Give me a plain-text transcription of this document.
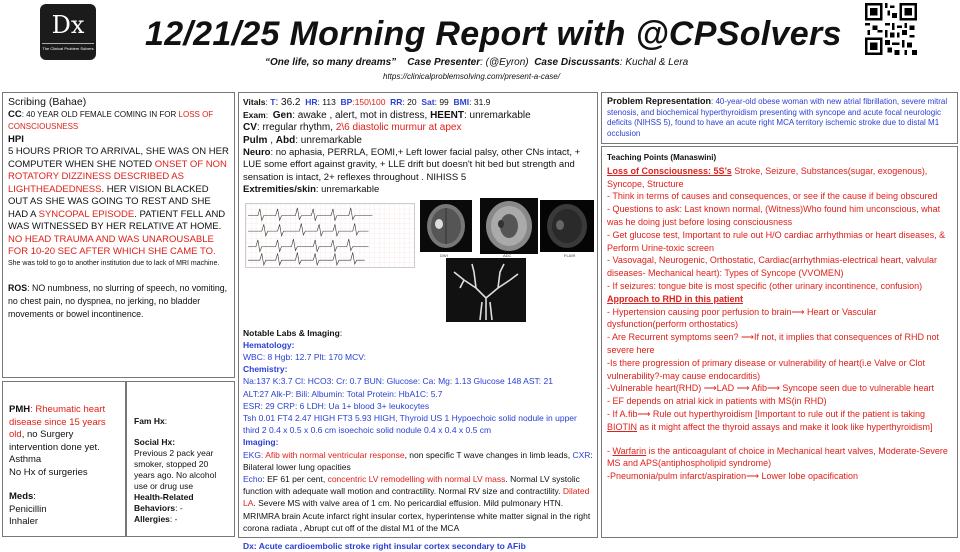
Dx
The Clinical Problem Solvers 12/21/25 Morning Report with @CPSolvers
“One life, so many dreams” Case Presenter: (@Eyron) Case Discussants: Kuchal & Lera
https://clinicalproblemsolving.com/present-a-case/

Scribing (Bahae)

CC: 40 YEAR OLD FEMALE COMING IN FOR LOSS OF CONSCIOUSNESS

HPI

5 HOURS PRIOR TO ARRIVAL, SHE WAS ON HER COMPUTER WHEN SHE NOTED ONSET OF NON ROTATORY DIZZINESS DESCRIBED AS LIGHTHEADEDNESS. HER VISION BLACKED OUT AS SHE WAS GOING TO REST AND SHE HAD A SYNCOPAL EPISODE. PATIENT FELL AND WAS WITNESSED BY HER RELATIVE AT HOME. NO HEAD TRAUMA AND WAS UNAROUSABLE FOR 10-20 SEC AFTER WHICH SHE CAME TO.

She was told to go to another institution due to lack of MRI machine.

ROS: NO numbness, no slurring of speech, no vomiting, no chest pain, no dyspnea, no jerking, no bladder movements or bowel incontinence.

PMH: Rheumatic heart disease since 15 years old, no Surgery intervention done yet.

Asthma

No Hx of surgeries

Meds:

Penicillin

Inhaler

Fam Hx:

Social Hx:

Previous 2 pack year smoker, stopped 20 years ago. No alcohol use or drug use

Health-Related Behaviors: -

Allergies: -

Vitals: T: 36.2 HR: 113 BP:150\100 RR: 20 Sat: 99 BMI: 31.9

Exam:  Gen: awake , alert, mot in distress, HEENT: unremarkable

CV: rregular rhythm, 2\6 diastolic murmur at apex

Pulm , Abd: unremarkable

Neuro: no aphasia, PERRLA, EOMI,+ Left lower facial palsy, other CNs intact, + LUE some effort against gravity, + LLE drift but doesn't hit bed but strength and sensation is intact, 2+ reflexes throughout . NIHISS 5

Extremities/skin: unremarkable

Notable Labs & Imaging:

Hematology:

WBC: 8 Hgb: 12.7 Plt: 170 MCV:

Chemistry:

Na:137 K:3.7 Cl: HCO3: Cr: 0.7 BUN: Glucose: Ca: Mg: 1.13 Glucose 148 AST: 21

ALT:27 Alk-P: Bili: Albumin: Total Protein: HbA1C: 5.7

ESR: 29 CRP: 6 LDH: Ua 1+ blood 3+ leukocytes

Tsh 0.01 FT4 2.47 HIGH FT3 5.93 HIGH, Thyroid US 1 Hypoechoic solid nodule in upper third 2 0.4 x 0.5 x 0.6 cm isoechoic solid nodule 0.4 x 0.4 x 0.5 cm

Imaging:

EKG: Afib with normal ventricular response, non specific T wave changes in limb leads, CXR: Bilateral lower lung opacities

Echo: EF 61 per cent, concentric LV remodelling with normal LV mass. Normal LV systolic function with adequate wall motion and contractility. Normal RV size and contractility. Dilated LA. Severe MS with valve area of 1 cm. No pericardial effusion. Mild pulmonary HTN.

MRI\MRA brain Acute infarct right insular cortex, hyperintense white matter signal in the right corona radiata , Abrupt cut off of the distal M1 of the MCA

Dx: Acute cardioembolic stroke right insular cortex secondary to AFib

DWI	ADC	FLAIR

Problem Representation: 40-year-old obese woman with new atrial fibrillation, severe mitral stenosis, and biochemical hyperthyroidism presenting with syncope and acute focal neurologic deficits (NIHSS 5), found to have an acute right MCA territory ischemic stroke due to distal M1 occlusion

Teaching Points (Manaswini)

Loss of Consciousness: 5S’s Stroke, Seizure, Substances(sugar, exogenous), Syncope, Structure

- Think in terms of causes and consequences, or see if the cause if being obscured

- Questions to ask: Last known normal, (Witness)Who found him unconscious, what was he doing just before losing consciousness

- Get glucose test, Important to rule out H/O cardiac arrhythmias or heart diseases, & Perform Urine-toxic screen

- Vasovagal, Neurogenic, Orthostatic, Cardiac(arrhythmias-electrical heart, valvular diseases- Mechanical heart): Types of Syncope (VVOMEN)

- If seizures: tongue bite is most specific (other urinary incontinence, confusion)

Approach to RHD in this patient

- Hypertension causing poor perfusion to brain⟶ Heart or Vascular dysfunction(perform orthostatics)

- Are Recurrent symptoms seen? ⟶If not, it implies that consequences of RHD not severe here

-Is there progression of primary disease or vulnerability of heart(i.e Valve or Clot vulnerability?-may cause endocarditis)

-Vulnerable heart(RHD) ⟶LAD ⟶ Afib⟶ Syncope seen due to vulnerable heart

- EF depends on atrial kick in patients with MS(in RHD)

- If A.fib⟶ Rule out hyperthyroidism [Important to rule out if the patient is taking BIOTIN as it might affect the thyroid assays and make it look like hyperthyroidism]

- Warfarin is the anticoagulant of choice in Mechanical heart valves, Moderate-Severe MS and APS(antiphospholipid syndrome)

-Pneumonia/pulm infarct/aspiration⟶ Lower lobe opacification
